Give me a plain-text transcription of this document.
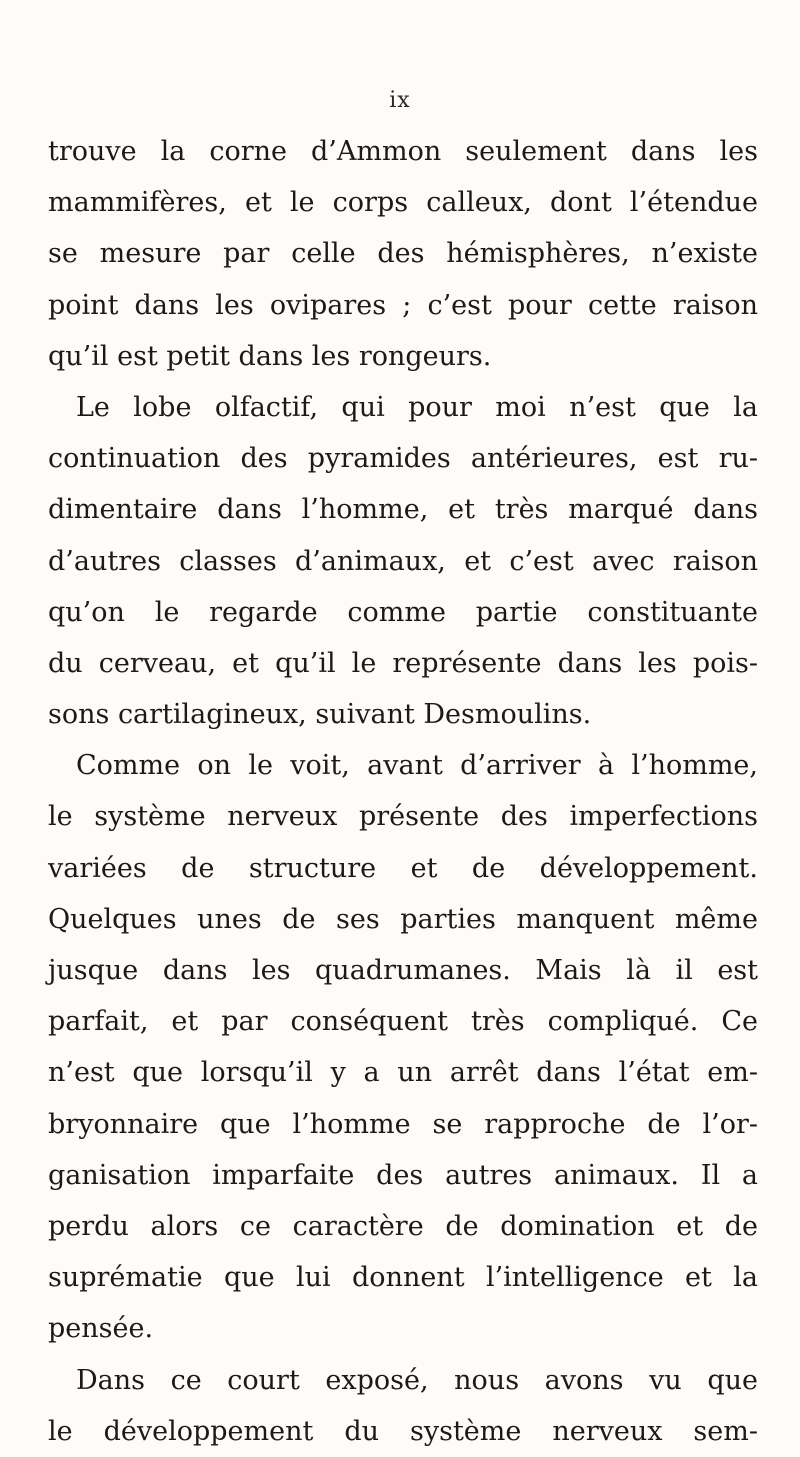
ix
trouve la corne d’Ammon seulement dans les
mammifères, et le corps calleux, dont l’étendue
se mesure par celle des hémisphères, n’existe
point dans les ovipares ; c’est pour cette raison
qu’il est petit dans les rongeurs.
Le lobe olfactif, qui pour moi n’est que la
continuation des pyramides antérieures, est ru-
dimentaire dans l’homme, et très marqué dans
d’autres classes d’animaux, et c’est avec raison
qu’on le regarde comme partie constituante
du cerveau, et qu’il le représente dans les pois-
sons cartilagineux, suivant Desmoulins.
Comme on le voit, avant d’arriver à l’homme,
le système nerveux présente des imperfections
variées de structure et de développement.
Quelques unes de ses parties manquent même
jusque dans les quadrumanes. Mais là il est
parfait, et par conséquent très compliqué. Ce
n’est que lorsqu’il y a un arrêt dans l’état em-
bryonnaire que l’homme se rapproche de l’or-
ganisation imparfaite des autres animaux. Il a
perdu alors ce caractère de domination et de
suprématie que lui donnent l’intelligence et la
pensée.
Dans ce court exposé, nous avons vu que
le développement du système nerveux sem-
